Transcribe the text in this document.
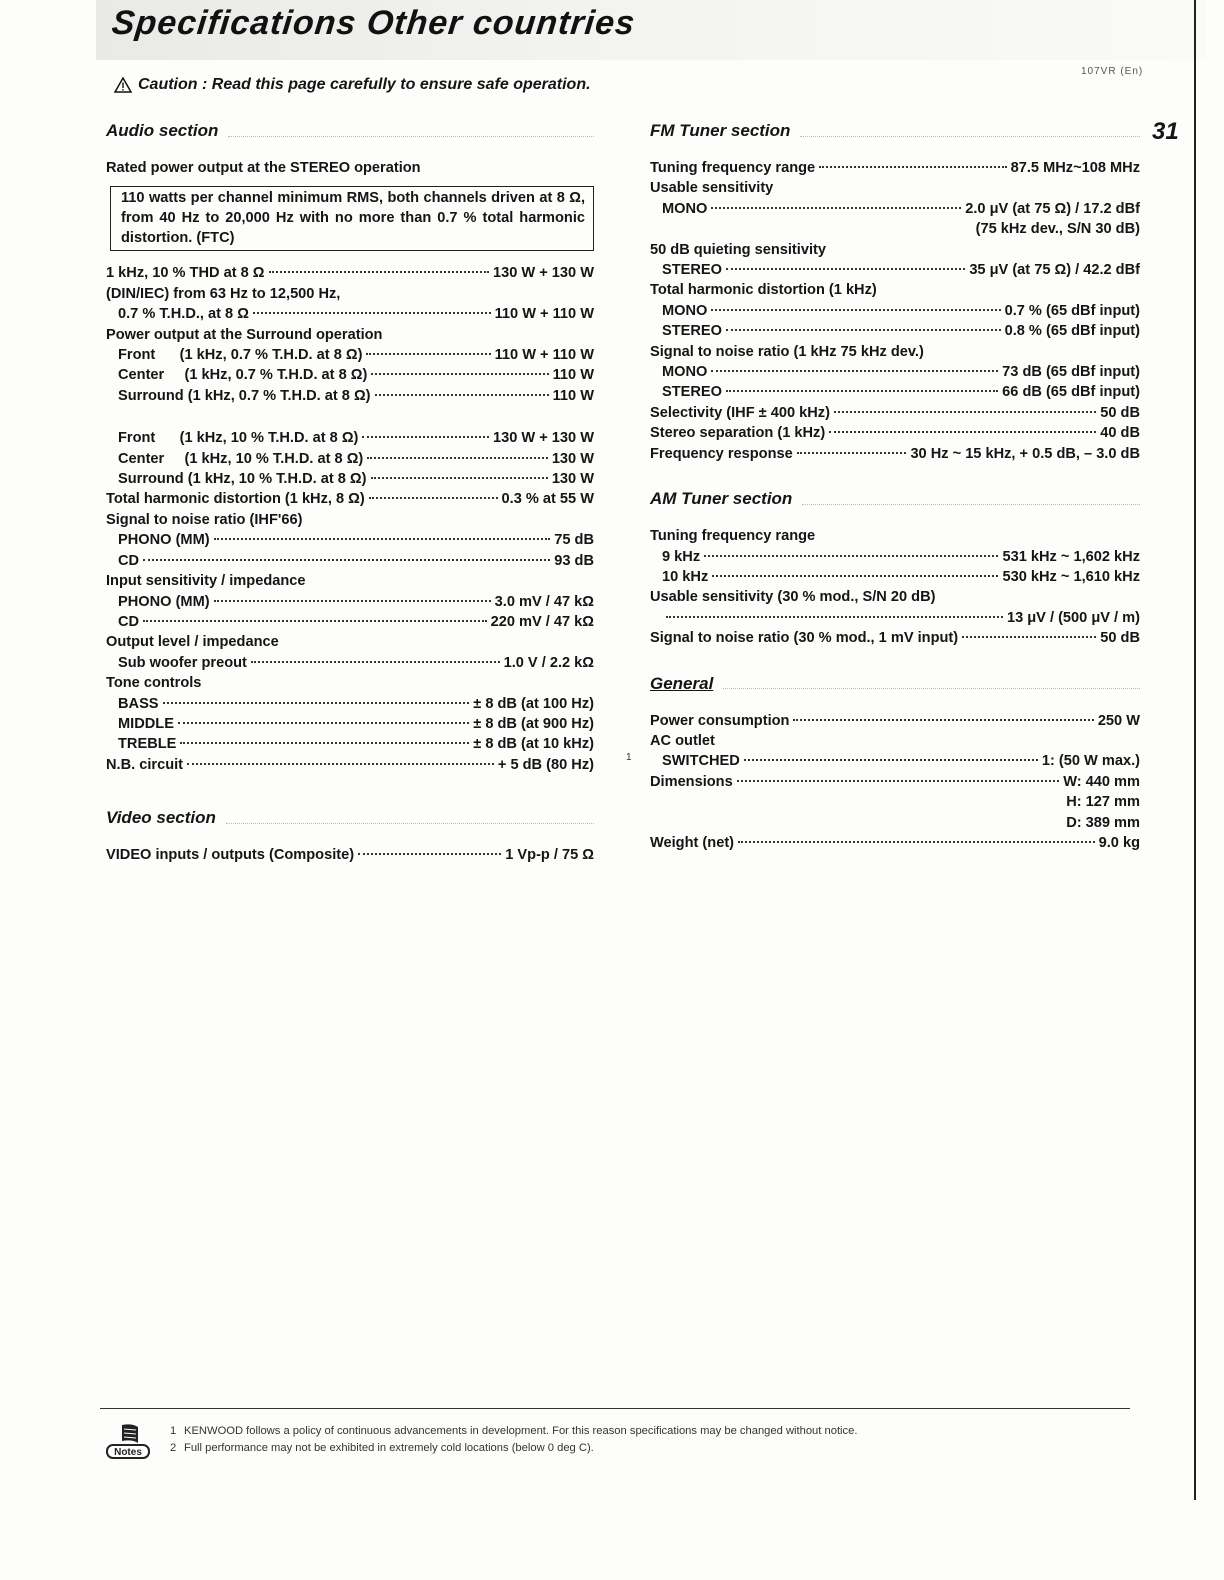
Specifications Other countries
107VR (En)
31
Caution : Read this page carefully to ensure safe operation.
Audio section
Rated power output at the STEREO operation
110 watts per channel minimum RMS, both channels driven at 8 Ω, from 40 Hz to 20,000 Hz with no more than 0.7 % total harmonic distortion. (FTC)
1 kHz, 10 % THD at 8 Ω	130 W + 130 W
(DIN/IEC) from 63 Hz to 12,500 Hz,
0.7 % T.H.D., at 8 Ω	110 W + 110 W
Power output at the Surround operation
Front      (1 kHz, 0.7 % T.H.D. at 8 Ω)	110 W + 110 W
Center     (1 kHz, 0.7 % T.H.D. at 8 Ω)	110 W
Surround (1 kHz, 0.7 % T.H.D. at 8 Ω)	110 W
Front      (1 kHz, 10 % T.H.D. at 8 Ω)	130 W + 130 W
Center     (1 kHz, 10 % T.H.D. at 8 Ω)	130 W
Surround (1 kHz, 10 % T.H.D. at 8 Ω)	130 W
Total harmonic distortion (1 kHz, 8 Ω)	0.3 % at 55 W
Signal to noise ratio (IHF'66)
PHONO (MM)	75 dB
CD	93 dB
Input sensitivity / impedance
PHONO (MM)	3.0 mV / 47 kΩ
CD	220 mV / 47 kΩ
Output level / impedance
Sub woofer preout	1.0 V / 2.2 kΩ
Tone controls
BASS	± 8 dB (at 100 Hz)
MIDDLE	± 8 dB (at 900 Hz)
TREBLE	± 8 dB (at 10 kHz)
N.B. circuit	+ 5 dB (80 Hz)
Video section
VIDEO inputs / outputs (Composite)	1 Vp-p / 75 Ω
FM Tuner section
Tuning frequency range	87.5 MHz~108 MHz
Usable sensitivity
MONO	2.0 μV (at 75 Ω) / 17.2 dBf
(75 kHz dev., S/N 30 dB)
50 dB quieting sensitivity
STEREO	35 μV (at 75 Ω) / 42.2 dBf
Total harmonic distortion (1 kHz)
MONO	0.7 % (65 dBf input)
STEREO	0.8 % (65 dBf input)
Signal to noise ratio (1 kHz 75 kHz dev.)
MONO	73 dB (65 dBf input)
STEREO	66 dB (65 dBf input)
Selectivity (IHF ± 400 kHz)	50 dB
Stereo separation (1 kHz)	40 dB
Frequency response	30 Hz ~ 15 kHz, + 0.5 dB, – 3.0 dB
AM Tuner section
Tuning frequency range
9 kHz	531 kHz ~ 1,602 kHz
10 kHz	530 kHz ~ 1,610 kHz
Usable sensitivity (30 % mod., S/N 20 dB)
13 μV / (500 μV / m)
Signal to noise ratio (30 % mod., 1 mV input)	50 dB
General
Power consumption	250 W
AC outlet
SWITCHED	1: (50 W max.)
Dimensions	W: 440 mm
H: 127 mm
D: 389 mm
Weight (net)	9.0 kg
1
Notes
1 KENWOOD follows a policy of continuous advancements in development. For this reason specifications may be changed without notice.
2 Full performance may not be exhibited in extremely cold locations (below 0 deg C).
